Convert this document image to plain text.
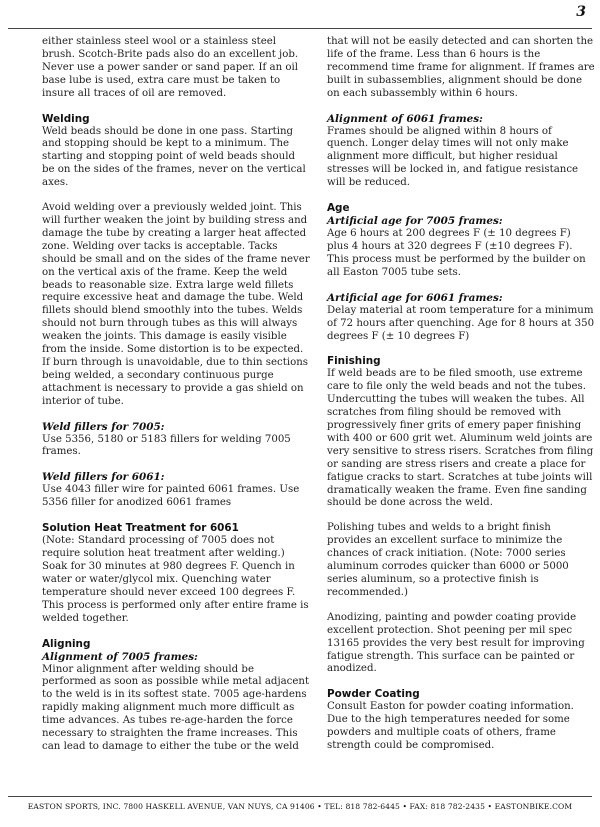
3

either stainless steel wool or a stainless steel brush. Scotch-Brite pads also do an excellent job. Never use a power sander or sand paper. If an oil base lube is used, extra care must be taken to insure all traces of oil are removed.

Welding

Weld beads should be done in one pass. Starting and stopping should be kept to a minimum. The starting and stopping point of weld beads should be on the sides of the frames, never on the vertical axes.

Avoid welding over a previously welded joint. This will further weaken the joint by building stress and damage the tube by creating a larger heat affected zone. Welding over tacks is acceptable. Tacks should be small and on the sides of the frame never on the vertical axis of the frame. Keep the weld beads to reasonable size. Extra large weld fillets require excessive heat and damage the tube. Weld fillets should blend smoothly into the tubes. Welds should not burn through tubes as this will always weaken the joints. This damage is easily visible from the inside. Some distortion is to be expected. If burn through is unavoidable, due to thin sections being welded, a secondary continuous purge attachment is necessary to provide a gas shield on interior of tube.

Weld fillers for 7005:

Use 5356, 5180 or 5183 fillers for welding 7005 frames.

Weld fillers for 6061:

Use 4043 filler wire for painted 6061 frames. Use 5356 filler for anodized 6061 frames

Solution Heat Treatment for 6061

(Note: Standard processing of 7005 does not require solution heat treatment after welding.) Soak for 30 minutes at 980 degrees F. Quench in water or water/glycol mix. Quenching water temperature should never exceed 100 degrees F. This process is performed only after entire frame is welded together.

Aligning
Alignment of 7005 frames:

Minor alignment after welding should be performed as soon as possible while metal adjacent to the weld is in its softest state. 7005 age-hardens rapidly making alignment much more difficult as time advances. As tubes re-age-harden the force necessary to straighten the frame increases. This can lead to damage to either the tube or the weld

that will not be easily detected and can shorten the life of the frame. Less than 6 hours is the recommend time frame for alignment. If frames are built in subassemblies, alignment should be done on each subassembly within 6 hours.

Alignment of 6061 frames:

Frames should be aligned within 8 hours of quench. Longer delay times will not only make alignment more difficult, but higher residual stresses will be locked in, and fatigue resistance will be reduced.

Age
Artificial age for 7005 frames:

Age 6 hours at 200 degrees F (± 10 degrees F) plus 4 hours at 320 degrees F (±10 degrees F). This process must be performed by the builder on all Easton 7005 tube sets.

Artificial age for 6061 frames:

Delay material at room temperature for a minimum of 72 hours after quenching. Age for 8 hours at 350 degrees F (± 10 degrees F)

Finishing

If weld beads are to be filed smooth, use extreme care to file only the weld beads and not the tubes. Undercutting the tubes will weaken the tubes. All scratches from filing should be removed with progressively finer grits of emery paper finishing with 400 or 600 grit wet. Aluminum weld joints are very sensitive to stress risers. Scratches from filing or sanding are stress risers and create a place for fatigue cracks to start. Scratches at tube joints will dramatically weaken the frame. Even fine sanding should be done across the weld.

Polishing tubes and welds to a bright finish provides an excellent surface to minimize the chances of crack initiation. (Note: 7000 series aluminum corrodes quicker than 6000 or 5000 series aluminum, so a protective finish is recommended.)

Anodizing, painting and powder coating provide excellent protection. Shot peening per mil spec 13165 provides the very best result for improving fatigue strength. This surface can be painted or anodized.

Powder Coating

Consult Easton for powder coating information. Due to the high temperatures needed for some powders and multiple coats of others, frame strength could be compromised.

EASTON SPORTS, INC. 7800 HASKELL AVENUE, VAN NUYS, CA 91406 • TEL: 818 782-6445 • FAX: 818 782-2435 • EASTONBIKE.COM
